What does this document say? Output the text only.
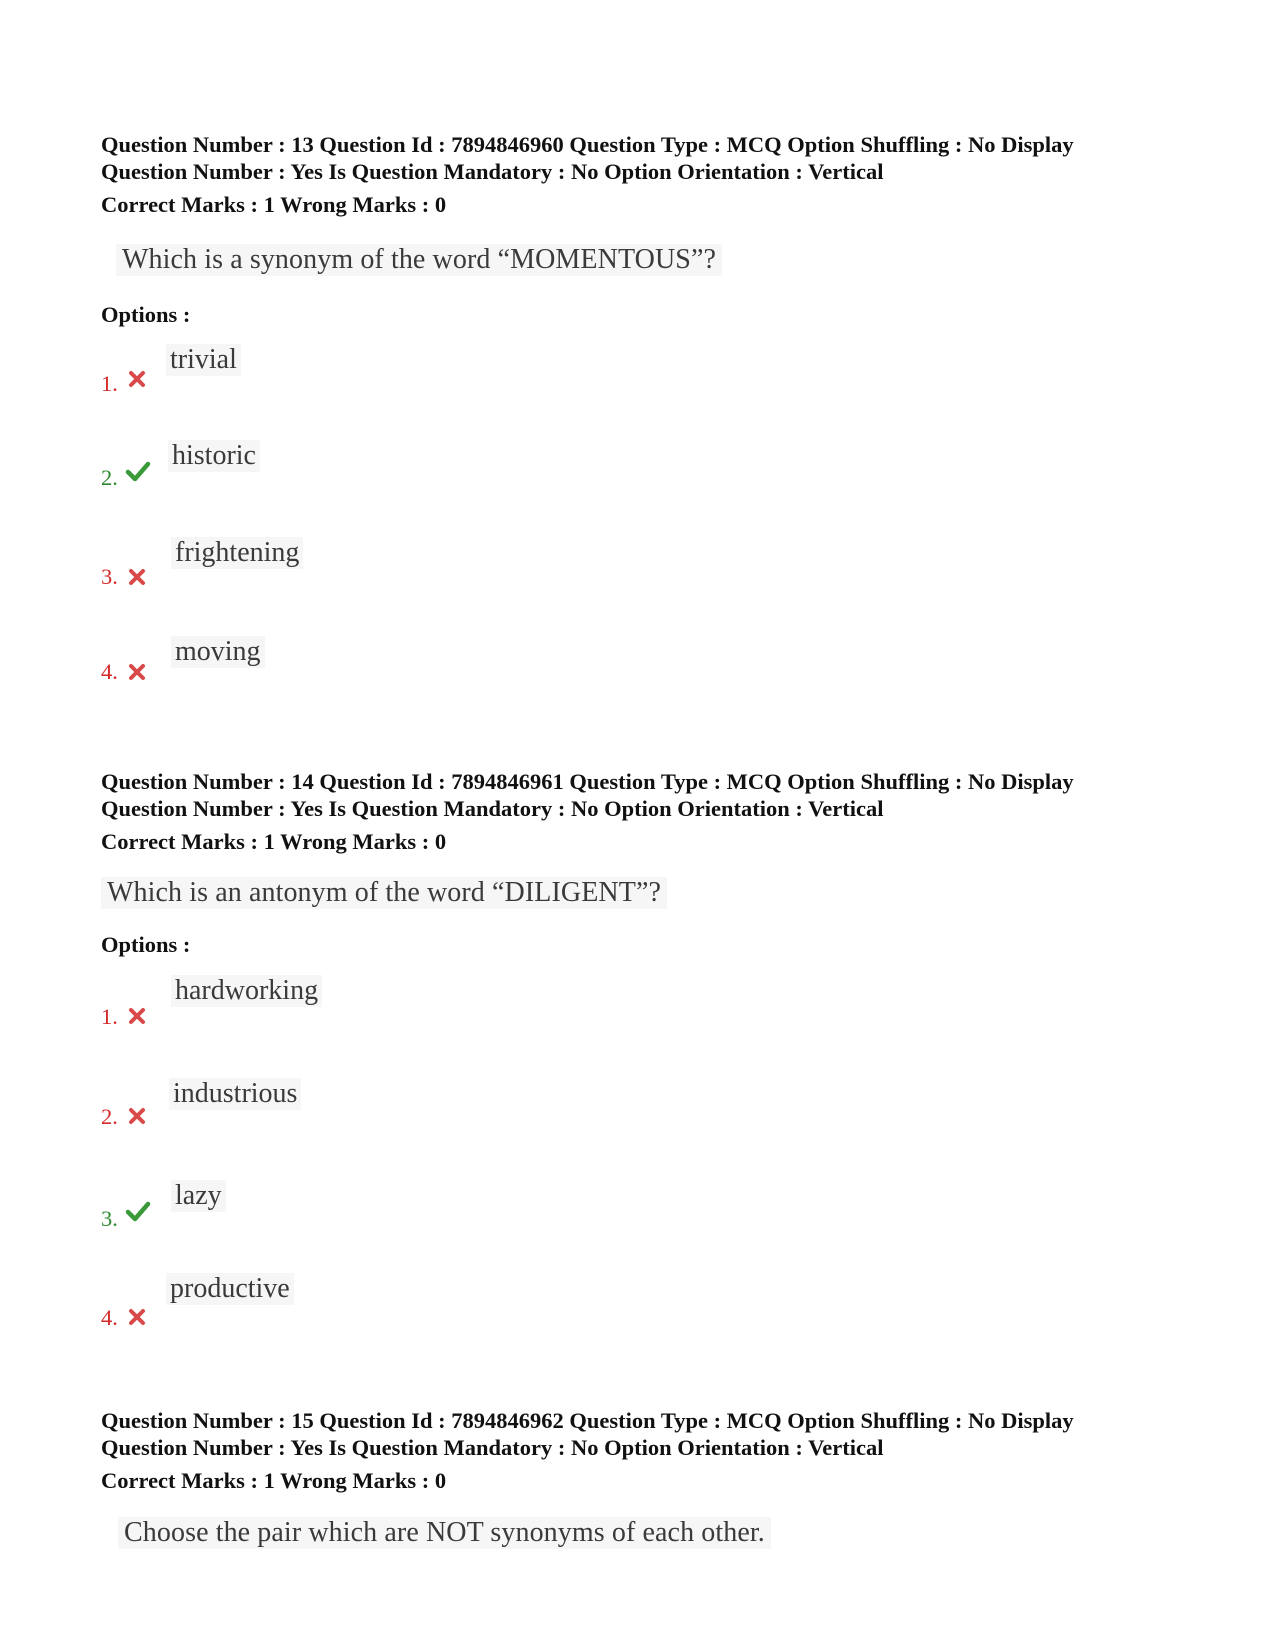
Question Number : 13 Question Id : 7894846960 Question Type : MCQ Option Shuffling : No Display

Question Number : Yes Is Question Mandatory : No Option Orientation : Vertical

Correct Marks : 1 Wrong Marks : 0

Which is a synonym of the word “MOMENTOUS”?
Options :
1.
trivial
2.
historic
3.
frightening
4.
moving

Question Number : 14 Question Id : 7894846961 Question Type : MCQ Option Shuffling : No Display

Question Number : Yes Is Question Mandatory : No Option Orientation : Vertical

Correct Marks : 1 Wrong Marks : 0

Which is an antonym of the word “DILIGENT”?
Options :
1.
hardworking
2.
industrious
3.
lazy
4.
productive

Question Number : 15 Question Id : 7894846962 Question Type : MCQ Option Shuffling : No Display

Question Number : Yes Is Question Mandatory : No Option Orientation : Vertical

Correct Marks : 1 Wrong Marks : 0

Choose the pair which are NOT synonyms of each other.
